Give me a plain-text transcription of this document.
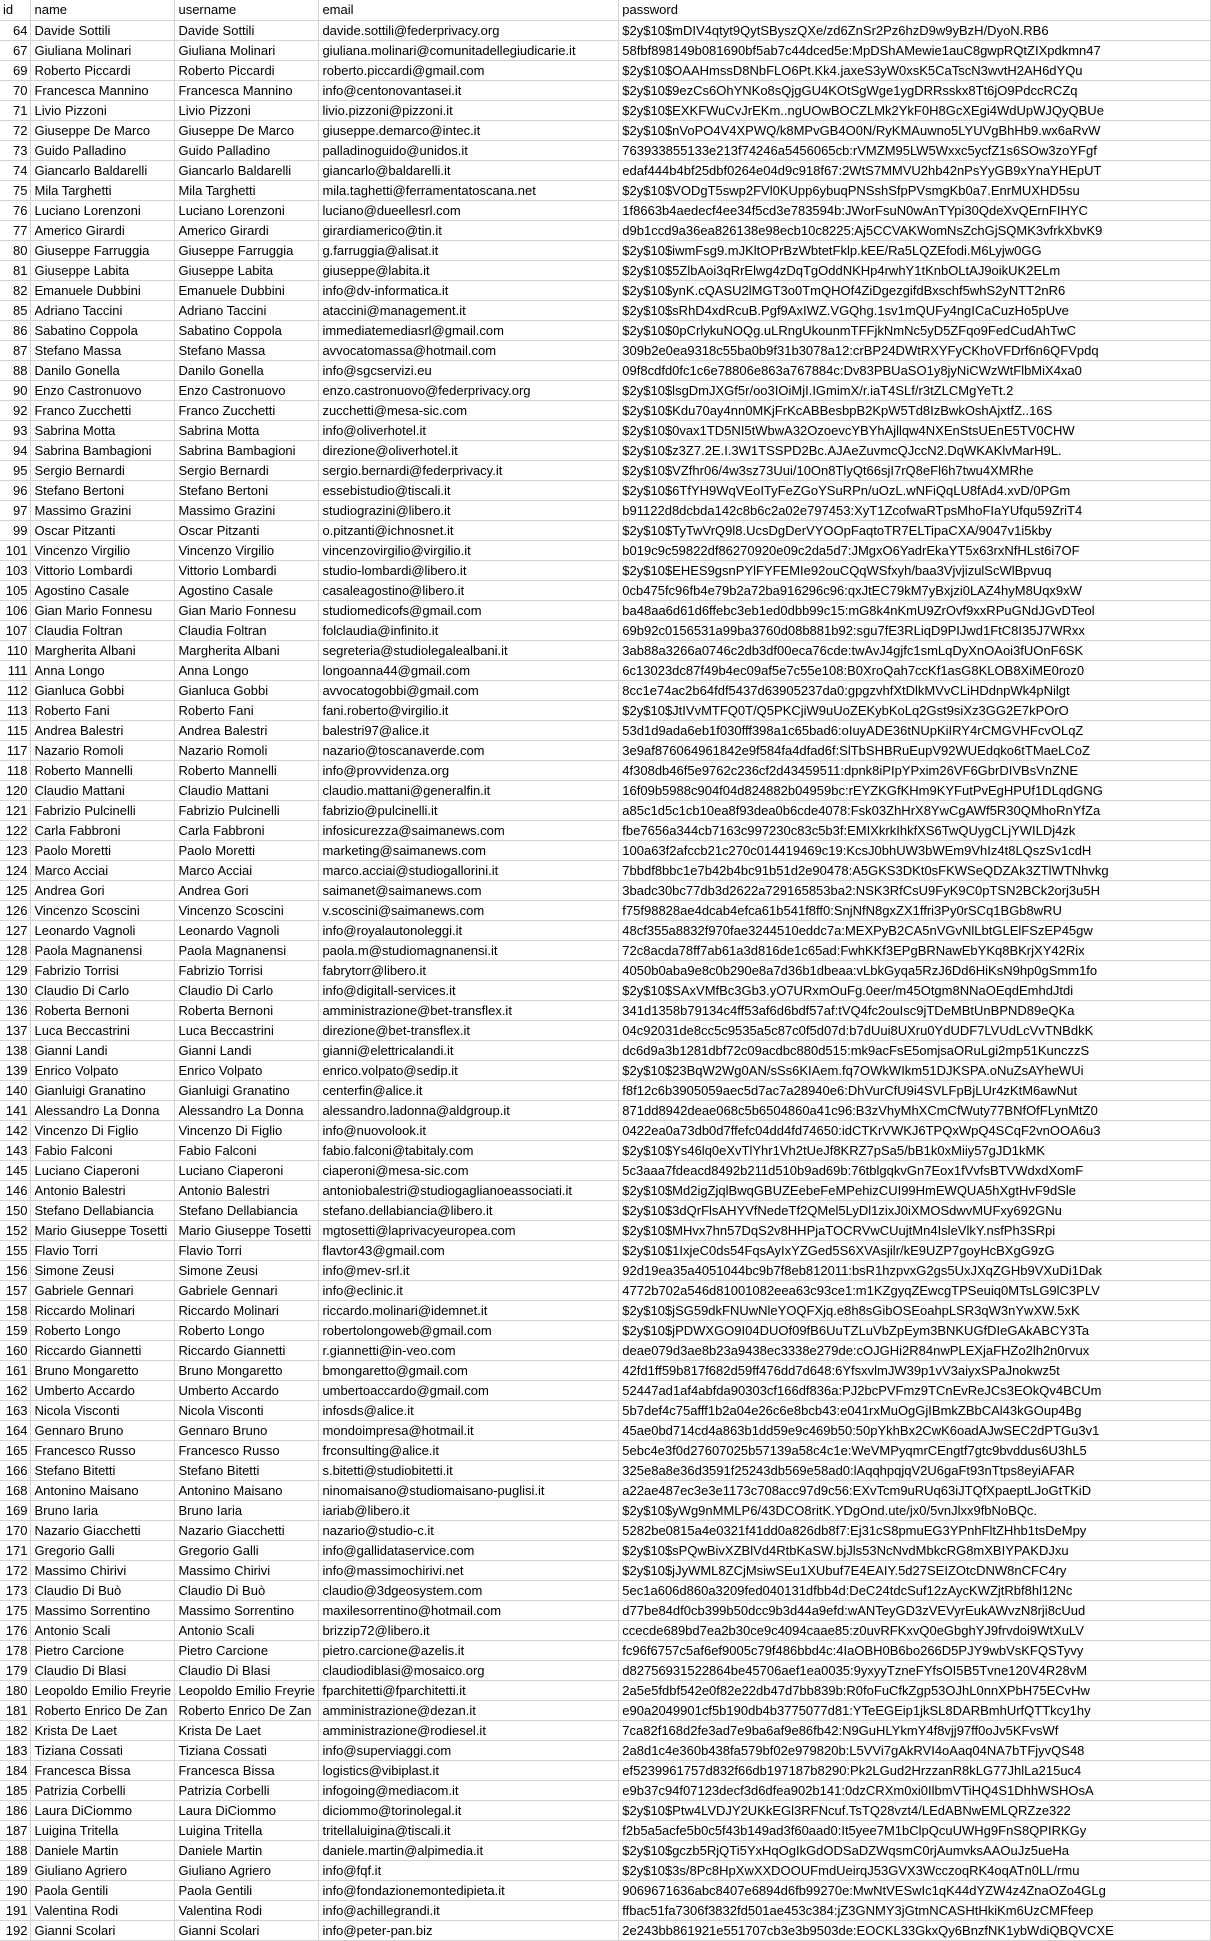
id	name	username	email	password
64	Davide Sottili	Davide Sottili	davide.sottili@federprivacy.org	$2y$10$mDIV4qtyt9QytSByszQXe/zd6ZnSr2Pz6hzD9w9yBzH/DyoN.RB6
67	Giuliana Molinari	Giuliana Molinari	giuliana.molinari@comunitadellegiudicarie.it	58fbf898149b081690bf5ab7c44dced5e:MpDShAMewie1auC8gwpRQtZIXpdkmn47
69	Roberto Piccardi	Roberto Piccardi	roberto.piccardi@gmail.com	$2y$10$OAAHmssD8NbFLO6Pt.Kk4.jaxeS3yW0xsK5CaTscN3wvtH2AH6dYQu
70	Francesca Mannino	Francesca Mannino	info@centonovantasei.it	$2y$10$9ezCs6OhYNKo8sQjgGU4KOtSgWge1ygDRRsskx8Tt6jO9PdccRCZq
71	Livio Pizzoni	Livio Pizzoni	livio.pizzoni@pizzoni.it	$2y$10$EXKFWuCvJrEKm..ngUOwBOCZLMk2YkF0H8GcXEgi4WdUpWJQyQBUe
72	Giuseppe De Marco	Giuseppe De Marco	giuseppe.demarco@intec.it	$2y$10$nVoPO4V4XPWQ/k8MPvGB4O0N/RyKMAuwno5LYUVgBhHb9.wx6aRvW
73	Guido Palladino	Guido Palladino	palladinoguido@unidos.it	763933855133e213f74246a5456065cb:rVMZM95LW5Wxxc5ycfZ1s6SOw3zoYFgf
74	Giancarlo Baldarelli	Giancarlo Baldarelli	giancarlo@baldarelli.it	edaf444b4bf25dbf0264e04d9c918f67:2WtS7MMVU2hb42nPsYyGB9xYnaYHEpUT
75	Mila Targhetti	Mila Targhetti	mila.taghetti@ferramentatoscana.net	$2y$10$VODgT5swp2FVl0KUpp6ybuqPNSshSfpPVsmgKb0a7.EnrMUXHD5su
76	Luciano Lorenzoni	Luciano Lorenzoni	luciano@dueellesrl.com	1f8663b4aedecf4ee34f5cd3e783594b:JWorFsuN0wAnTYpi30QdeXvQErnFIHYC
77	Americo Girardi	Americo Girardi	girardiamerico@tin.it	d9b1ccd9a36ea826138e98ecb10c8225:Aj5CCVAKWomNsZchGjSQMK3vfrkXbvK9
80	Giuseppe Farruggia	Giuseppe Farruggia	g.farruggia@alisat.it	$2y$10$iwmFsg9.mJKltOPrBzWbtetFklp.kEE/Ra5LQZEfodi.M6Lyjw0GG
81	Giuseppe Labita	Giuseppe Labita	giuseppe@labita.it	$2y$10$5ZlbAoi3qRrElwg4zDqTgOddNKHp4rwhY1tKnbOLtAJ9oikUK2ELm
82	Emanuele Dubbini	Emanuele Dubbini	info@dv-informatica.it	$2y$10$ynK.cQASU2lMGT3o0TmQHOf4ZiDgezgifdBxschf5whS2yNTT2nR6
85	Adriano Taccini	Adriano Taccini	ataccini@management.it	$2y$10$sRhD4xdRcuB.Pgf9AxIWZ.VGQhg.1sv1mQUFy4ngICaCuzHo5pUve
86	Sabatino Coppola	Sabatino Coppola	immediatemediasrl@gmail.com	$2y$10$0pCrlykuNOQg.uLRngUkounmTFFjkNmNc5yD5ZFqo9FedCudAhTwC
87	Stefano Massa	Stefano Massa	avvocatomassa@hotmail.com	309b2e0ea9318c55ba0b9f31b3078a12:crBP24DWtRXYFyCKhoVFDrf6n6QFVpdq
88	Danilo Gonella	Danilo Gonella	info@sgcservizi.eu	09f8cdfd0fc1c6e78806e863a767884c:Dv83PBUaSO1y8jyNiCWzWtFlbMiX4xa0
90	Enzo Castronuovo	Enzo Castronuovo	enzo.castronuovo@federprivacy.org	$2y$10$lsgDmJXGf5r/oo3IOiMjI.IGmimX/r.iaT4SLf/r3tZLCMgYeTt.2
92	Franco Zucchetti	Franco Zucchetti	zucchetti@mesa-sic.com	$2y$10$Kdu70ay4nn0MKjFrKcABBesbpB2KpW5Td8IzBwkOshAjxtfZ..16S
93	Sabrina Motta	Sabrina Motta	info@oliverhotel.it	$2y$10$0vax1TD5NI5tWbwA32OzoevcYBYhAjllqw4NXEnStsUEnE5TV0CHW
94	Sabrina Bambagioni	Sabrina Bambagioni	direzione@oliverhotel.it	$2y$10$z3Z7.2E.I.3W1TSSPD2Bc.AJAeZuvmcQJccN2.DqWKAKlvMarH9L.
95	Sergio Bernardi	Sergio Bernardi	sergio.bernardi@federprivacy.it	$2y$10$VZfhr06/4w3sz73Uui/10On8TlyQt66sjI7rQ8eFl6h7twu4XMRhe
96	Stefano Bertoni	Stefano Bertoni	essebistudio@tiscali.it	$2y$10$6TfYH9WqVEoITyFeZGoYSuRPn/uOzL.wNFiQqLU8fAd4.xvD/0PGm
97	Massimo Grazini	Massimo Grazini	studiograzini@libero.it	b91122d8dcbda142c8b6c2a02e797453:XyT1ZcofwaRTpsMhoFIaYUfqu59ZriT4
99	Oscar Pitzanti	Oscar Pitzanti	o.pitzanti@ichnosnet.it	$2y$10$TyTwVrQ9l8.UcsDgDerVYOOpFaqtoTR7ELTipaCXA/9047v1i5kby
101	Vincenzo Virgilio	Vincenzo Virgilio	vincenzovirgilio@virgilio.it	b019c9c59822df86270920e09c2da5d7:JMgxO6YadrEkaYT5x63rxNfHLst6i7OF
103	Vittorio Lombardi	Vittorio Lombardi	studio-lombardi@libero.it	$2y$10$EHES9gsnPYlFYFEMIe92ouCQqWSfxyh/baa3VjvjizulScWlBpvuq
105	Agostino Casale	Agostino Casale	casaleagostino@libero.it	0cb475fc96fb4e79b2a72ba916296c96:qxJtEC79kM7yBxjzi0LAZ4hyM8Uqx9xW
106	Gian Mario Fonnesu	Gian Mario Fonnesu	studiomedicofs@gmail.com	ba48aa6d61d6ffebc3eb1ed0dbb99c15:mG8k4nKmU9ZrOvf9xxRPuGNdJGvDTeol
107	Claudia Foltran	Claudia Foltran	folclaudia@infinito.it	69b92c0156531a99ba3760d08b881b92:sgu7fE3RLiqD9PIJwd1FtC8I35J7WRxx
110	Margherita Albani	Margherita Albani	segreteria@studiolegalealbani.it	3ab88a3266a0746c2db3df00eca76cde:twAvJ4gjfc1smLqDyXnOAoi3fUOnF6SK
111	Anna Longo	Anna Longo	longoanna44@gmail.com	6c13023dc87f49b4ec09af5e7c55e108:B0XroQah7ccKf1asG8KLOB8XiME0roz0
112	Gianluca Gobbi	Gianluca Gobbi	avvocatogobbi@gmail.com	8cc1e74ac2b64fdf5437d63905237da0:gpgzvhfXtDlkMVvCLiHDdnpWk4pNilgt
113	Roberto Fani	Roberto Fani	fani.roberto@virgilio.it	$2y$10$JtIVvMTFQ0T/Q5PKCjiW9uUoZEKybKoLq2Gst9siXz3GG2E7kPOrO
115	Andrea Balestri	Andrea Balestri	balestri97@alice.it	53d1d9ada6eb1f030fff398a1c65bad6:oIuyADE36tNUpKiIRY4rCMGVHFcvOLqZ
117	Nazario Romoli	Nazario Romoli	nazario@toscanaverde.com	3e9af876064961842e9f584fa4dfad6f:SlTbSHBRuEupV92WUEdqko6tTMaeLCoZ
118	Roberto Mannelli	Roberto Mannelli	info@provvidenza.org	4f308db46f5e9762c236cf2d43459511:dpnk8iPIpYPxim26VF6GbrDIVBsVnZNE
120	Claudio Mattani	Claudio Mattani	claudio.mattani@generalfin.it	16f09b5988c904f04d824882b04959bc:rEYZKGfKHm9KYFutPvEgHPUf1DLqdGNG
121	Fabrizio Pulcinelli	Fabrizio Pulcinelli	fabrizio@pulcinelli.it	a85c1d5c1cb10ea8f93dea0b6cde4078:Fsk03ZhHrX8YwCgAWf5R30QMhoRnYfZa
122	Carla Fabbroni	Carla Fabbroni	infosicurezza@saimanews.com	fbe7656a344cb7163c997230c83c5b3f:EMIXkrkIhkfXS6TwQUygCLjYWILDj4zk
123	Paolo Moretti	Paolo Moretti	marketing@saimanews.com	100a63f2afccb21c270c014419469c19:KcsJ0bhUW3bWEm9VhIz4t8LQszSv1cdH
124	Marco Acciai	Marco Acciai	marco.acciai@studiogallorini.it	7bbdf8bbc1e7b42b4bc91b51d2e90478:A5GKS3DKt0sFKWSeQDZAk3ZTlWTNhvkg
125	Andrea Gori	Andrea Gori	saimanet@saimanews.com	3badc30bc77db3d2622a729165853ba2:NSK3RfCsU9FyK9C0pTSN2BCk2orj3u5H
126	Vincenzo Scoscini	Vincenzo Scoscini	v.scoscini@saimanews.com	f75f98828ae4dcab4efca61b541f8ff0:SnjNfN8gxZX1ffri3Py0rSCq1BGb8wRU
127	Leonardo Vagnoli	Leonardo Vagnoli	info@royalautonoleggi.it	48cf355a8832f970fae3244510eddc7a:MEXPyB2CA5nVGvNlLbtGLElFSzEP45gw
128	Paola Magnanensi	Paola Magnanensi	paola.m@studiomagnanensi.it	72c8acda78ff7ab61a3d816de1c65ad:FwhKKf3EPgBRNawEbYKq8BKrjXY42Rix
129	Fabrizio Torrisi	Fabrizio Torrisi	fabrytorr@libero.it	4050b0aba9e8c0b290e8a7d36b1dbeaa:vLbkGyqa5RzJ6Dd6HiKsN9hp0gSmm1fo
130	Claudio Di Carlo	Claudio Di Carlo	info@digitall-services.it	$2y$10$SAxVMfBc3Gb3.yO7URxmOuFg.0eer/m45Otgm8NNaOEqdEmhdJtdi
136	Roberta Bernoni	Roberta Bernoni	amministrazione@bet-transflex.it	341d1358b79134c4ff53af6d6bdf57af:tVQ4fc2ouIsc9jTDeMBtUnBPND89eQKa
137	Luca Beccastrini	Luca Beccastrini	direzione@bet-transflex.it	04c92031de8cc5c9535a5c87c0f5d07d:b7dUui8UXru0YdUDF7LVUdLcVvTNBdkK
138	Gianni Landi	Gianni Landi	gianni@elettricalandi.it	dc6d9a3b1281dbf72c09acdbc880d515:mk9acFsE5omjsaORuLgi2mp51KunczzS
139	Enrico Volpato	Enrico Volpato	enrico.volpato@sedip.it	$2y$10$23BqW2Wg0AN/sSs6KIAem.fq7OWkWIkm51DJKSPA.oNuZsAYheWUi
140	Gianluigi Granatino	Gianluigi Granatino	centerfin@alice.it	f8f12c6b3905059aec5d7ac7a28940e6:DhVurCfU9i4SVLFpBjLUr4zKtM6awNut
141	Alessandro La Donna	Alessandro La Donna	alessandro.ladonna@aldgroup.it	871dd8942deae068c5b6504860a41c96:B3zVhyMhXCmCfWuty77BNfOfFLynMtZ0
142	Vincenzo Di Figlio	Vincenzo Di Figlio	info@nuovolook.it	0422ea0a73db0d7ffefc04dd4fd74650:idCTKrVWKJ6TPQxWpQ4SCqF2vnOOA6u3
143	Fabio Falconi	Fabio Falconi	fabio.falconi@tabitaly.com	$2y$10$Ys46lq0eXvTlYhr1Vh2tUeJf8KRZ7pSa5/bB1k0xMiiy57gJD1kMK
145	Luciano Ciaperoni	Luciano Ciaperoni	ciaperoni@mesa-sic.com	5c3aaa7fdeacd8492b211d510b9ad69b:76tblgqkvGn7Eox1fVvfsBTVWdxdXomF
146	Antonio Balestri	Antonio Balestri	antoniobalestri@studiogaglianoeassociati.it	$2y$10$Md2igZjqlBwqGBUZEebeFeMPehizCUI99HmEWQUA5hXgtHvF9dSle
150	Stefano Dellabiancia	Stefano Dellabiancia	stefano.dellabiancia@libero.it	$2y$10$3dQrFlsAHYVfNedeTf2QMel5LyDl1zixJ0iXMOSdwvMUFxy692GNu
152	Mario Giuseppe Tosetti	Mario Giuseppe Tosetti	mgtosetti@laprivacyeuropea.com	$2y$10$MHvx7hn57DqS2v8HHPjaTOCRVwCUujtMn4IsleVlkY.nsfPh3SRpi
155	Flavio Torri	Flavio Torri	flavtor43@gmail.com	$2y$10$1IxjeC0ds54FqsAyIxYZGed5S6XVAsjilr/kE9UZP7goyHcBXgG9zG
156	Simone Zeusi	Simone Zeusi	info@mev-srl.it	92d19ea35a4051044bc9b7f8eb812011:bsR1hzpvxG2gs5UxJXqZGHb9VXuDi1Dak
157	Gabriele Gennari	Gabriele Gennari	info@eclinic.it	4772b702a546d81001082eea63c93ce1:m1KZgyqZEwcgTPSeuiq0MTsLG9lC3PLV
158	Riccardo Molinari	Riccardo Molinari	riccardo.molinari@idemnet.it	$2y$10$jSG59dkFNUwNleYOQFXjq.e8h8sGibOSEoahpLSR3qW3nYwXW.5xK
159	Roberto Longo	Roberto Longo	robertolongoweb@gmail.com	$2y$10$jPDWXGO9I04DUOf09fB6UuTZLuVbZpEym3BNKUGfDIeGAkABCY3Ta
160	Riccardo Giannetti	Riccardo Giannetti	r.giannetti@in-veo.com	deae079d3ae8b23a9438ec3338e279de:cOJGHi2R84nwPLEXjaFHZo2lh2n0rvux
161	Bruno Mongaretto	Bruno Mongaretto	bmongaretto@gmail.com	42fd1ff59b817f682d59ff476dd7d648:6YfsxvlmJW39p1vV3aiyxSPaJnokwz5t
162	Umberto Accardo	Umberto Accardo	umbertoaccardo@gmail.com	52447ad1af4abfda90303cf166df836a:PJ2bcPVFmz9TCnEvReJCs3EOkQv4BCUm
163	Nicola Visconti	Nicola Visconti	infosds@alice.it	5b7def4c75afff1b2a04e26c6e8bcb43:e041rxMuOgGjIBmkZBbCAl43kGOup4Bg
164	Gennaro Bruno	Gennaro Bruno	mondoimpresa@hotmail.it	45ae0bd714cd4a863b1dd59e9c469b50:50pYkhBx2CwK6oadAJwSEC2dPTGu3v1
165	Francesco Russo	Francesco Russo	frconsulting@alice.it	5ebc4e3f0d27607025b57139a58c4c1e:WeVMPyqmrCEngtf7gtc9bvddus6U3hL5
166	Stefano Bitetti	Stefano Bitetti	s.bitetti@studiobitetti.it	325e8a8e36d3591f25243db569e58ad0:lAqqhpqjqV2U6gaFt93nTtps8eyiAFAR
168	Antonino Maisano	Antonino Maisano	ninomaisano@studiomaisano-puglisi.it	a22ae487ec3e3e1173c708acc97d9c56:EXvTcm9uRUq63iJTQfXpaeptLJoGtTKiD
169	Bruno Iaria	Bruno Iaria	iariab@libero.it	$2y$10$yWg9nMMLP6/43DCO8ritK.YDgOnd.ute/jx0/5vnJlxx9fbNoBQc.
170	Nazario Giacchetti	Nazario Giacchetti	nazario@studio-c.it	5282be0815a4e0321f41dd0a826db8f7:Ej31cS8pmuEG3YPnhFltZHhb1tsDeMpy
171	Gregorio Galli	Gregorio Galli	info@gallidataservice.com	$2y$10$sPQwBivXZBlVd4RtbKaSW.bjJls53NcNvdMbkcRG8mXBIYPAKDJxu
172	Massimo Chirivi	Massimo Chirivi	info@massimochirivi.net	$2y$10$jJyWML8ZCjMsiwSEu1XUbuf7E4EAIY.5d27SEIZOtcDNW8nCFC4ry
173	Claudio Di Buò	Claudio Di Buò	claudio@3dgeosystem.com	5ec1a606d860a3209fed040131dfbb4d:DeC24tdcSuf12zAycKWZjtRbf8hl12Nc
175	Massimo Sorrentino	Massimo Sorrentino	maxilesorrentino@hotmail.com	d77be84df0cb399b50dcc9b3d44a9efd:wANTeyGD3zVEVyrEukAWvzN8rji8cUud
176	Antonio Scali	Antonio Scali	brizzip72@libero.it	ccecde689bd7ea2b30ce9c4094caae85:z0uvRFKxvQ0eGbghYJ9frvdoi9WtXuLV
178	Pietro Carcione	Pietro Carcione	pietro.carcione@azelis.it	fc96f6757c5af6ef9005c79f486bbd4c:4IaOBH0B6bo266D5PJY9wbVsKFQSTyvy
179	Claudio Di Blasi	Claudio Di Blasi	claudiodiblasi@mosaico.org	d82756931522864be45706aef1ea0035:9yxyyTzneFYfsOI5B5Tvne120V4R28vM
180	Leopoldo Emilio Freyrie	Leopoldo Emilio Freyrie	fparchitetti@fparchitetti.it	2a5e5fdbf542e0f82e22db47d7bb839b:R0foFuCfkZgp53OJhL0nnXPbH75ECvHw
181	Roberto Enrico De Zan	Roberto Enrico De Zan	amministrazione@dezan.it	e90a2049901cf5b190db4b3775077d81:YTeEGEip1jkSL8DARBmhUrfQTTkcy1hy
182	Krista De Laet	Krista De Laet	amministrazione@rodiesel.it	7ca82f168d2fe3ad7e9ba6af9e86fb42:N9GuHLYkmY4f8vjj97ff0oJv5KFvsWf
183	Tiziana Cossati	Tiziana Cossati	info@superviaggi.com	2a8d1c4e360b438fa579bf02e979820b:L5VVi7gAkRVI4oAaq04NA7bTFjyvQS48
184	Francesca Bissa	Francesca Bissa	logistics@vibiplast.it	ef5239961757d832f66db197187b8290:Pk2LGud2HrzzanR8kLG77JhlLa215uc4
185	Patrizia Corbelli	Patrizia Corbelli	infogoing@mediacom.it	e9b37c94f07123decf3d6dfea902b141:0dzCRXm0xi0IlbmVTiHQ4S1DhhWSHOsA
186	Laura DiCiommo	Laura DiCiommo	diciommo@torinolegal.it	$2y$10$Ptw4LVDJY2UKkEGl3RFNcuf.TsTQ28vzt4/LEdABNwEMLQRZze322
187	Luigina Tritella	Luigina Tritella	tritellaluigina@tiscali.it	f2b5a5acfe5b0c5f43b149ad3f60aad0:It5yee7M1bClpQcuUWHg9FnS8QPIRKGy
188	Daniele Martin	Daniele Martin	daniele.martin@alpimedia.it	$2y$10$gczb5RjQTi5YxHqOgIkGdODSaDZWqsmC0rjAumvksAAOuJz5ueHa
189	Giuliano Agriero	Giuliano Agriero	info@fqf.it	$2y$10$3s/8Pc8HpXwXXDOOUFmdUeirqJ53GVX3WcczoqRK4oqATn0LL/rmu
190	Paola Gentili	Paola Gentili	info@fondazionemontedipieta.it	9069671636abc8407e6894d6fb99270e:MwNtVESwIc1qK44dYZW4z4ZnaOZo4GLg
191	Valentina Rodi	Valentina Rodi	info@achillegrandi.it	ffbac51fa7306f3832fd501ae453c384:jZ3GNMY3jGtmNCASHtHkiKm6UzCMFfeep
192	Gianni Scolari	Gianni Scolari	info@peter-pan.biz	2e243bb861921e551707cb3e3b9503de:EOCKL33GkxQy6BnzfNK1ybWdiQBQVCXE
